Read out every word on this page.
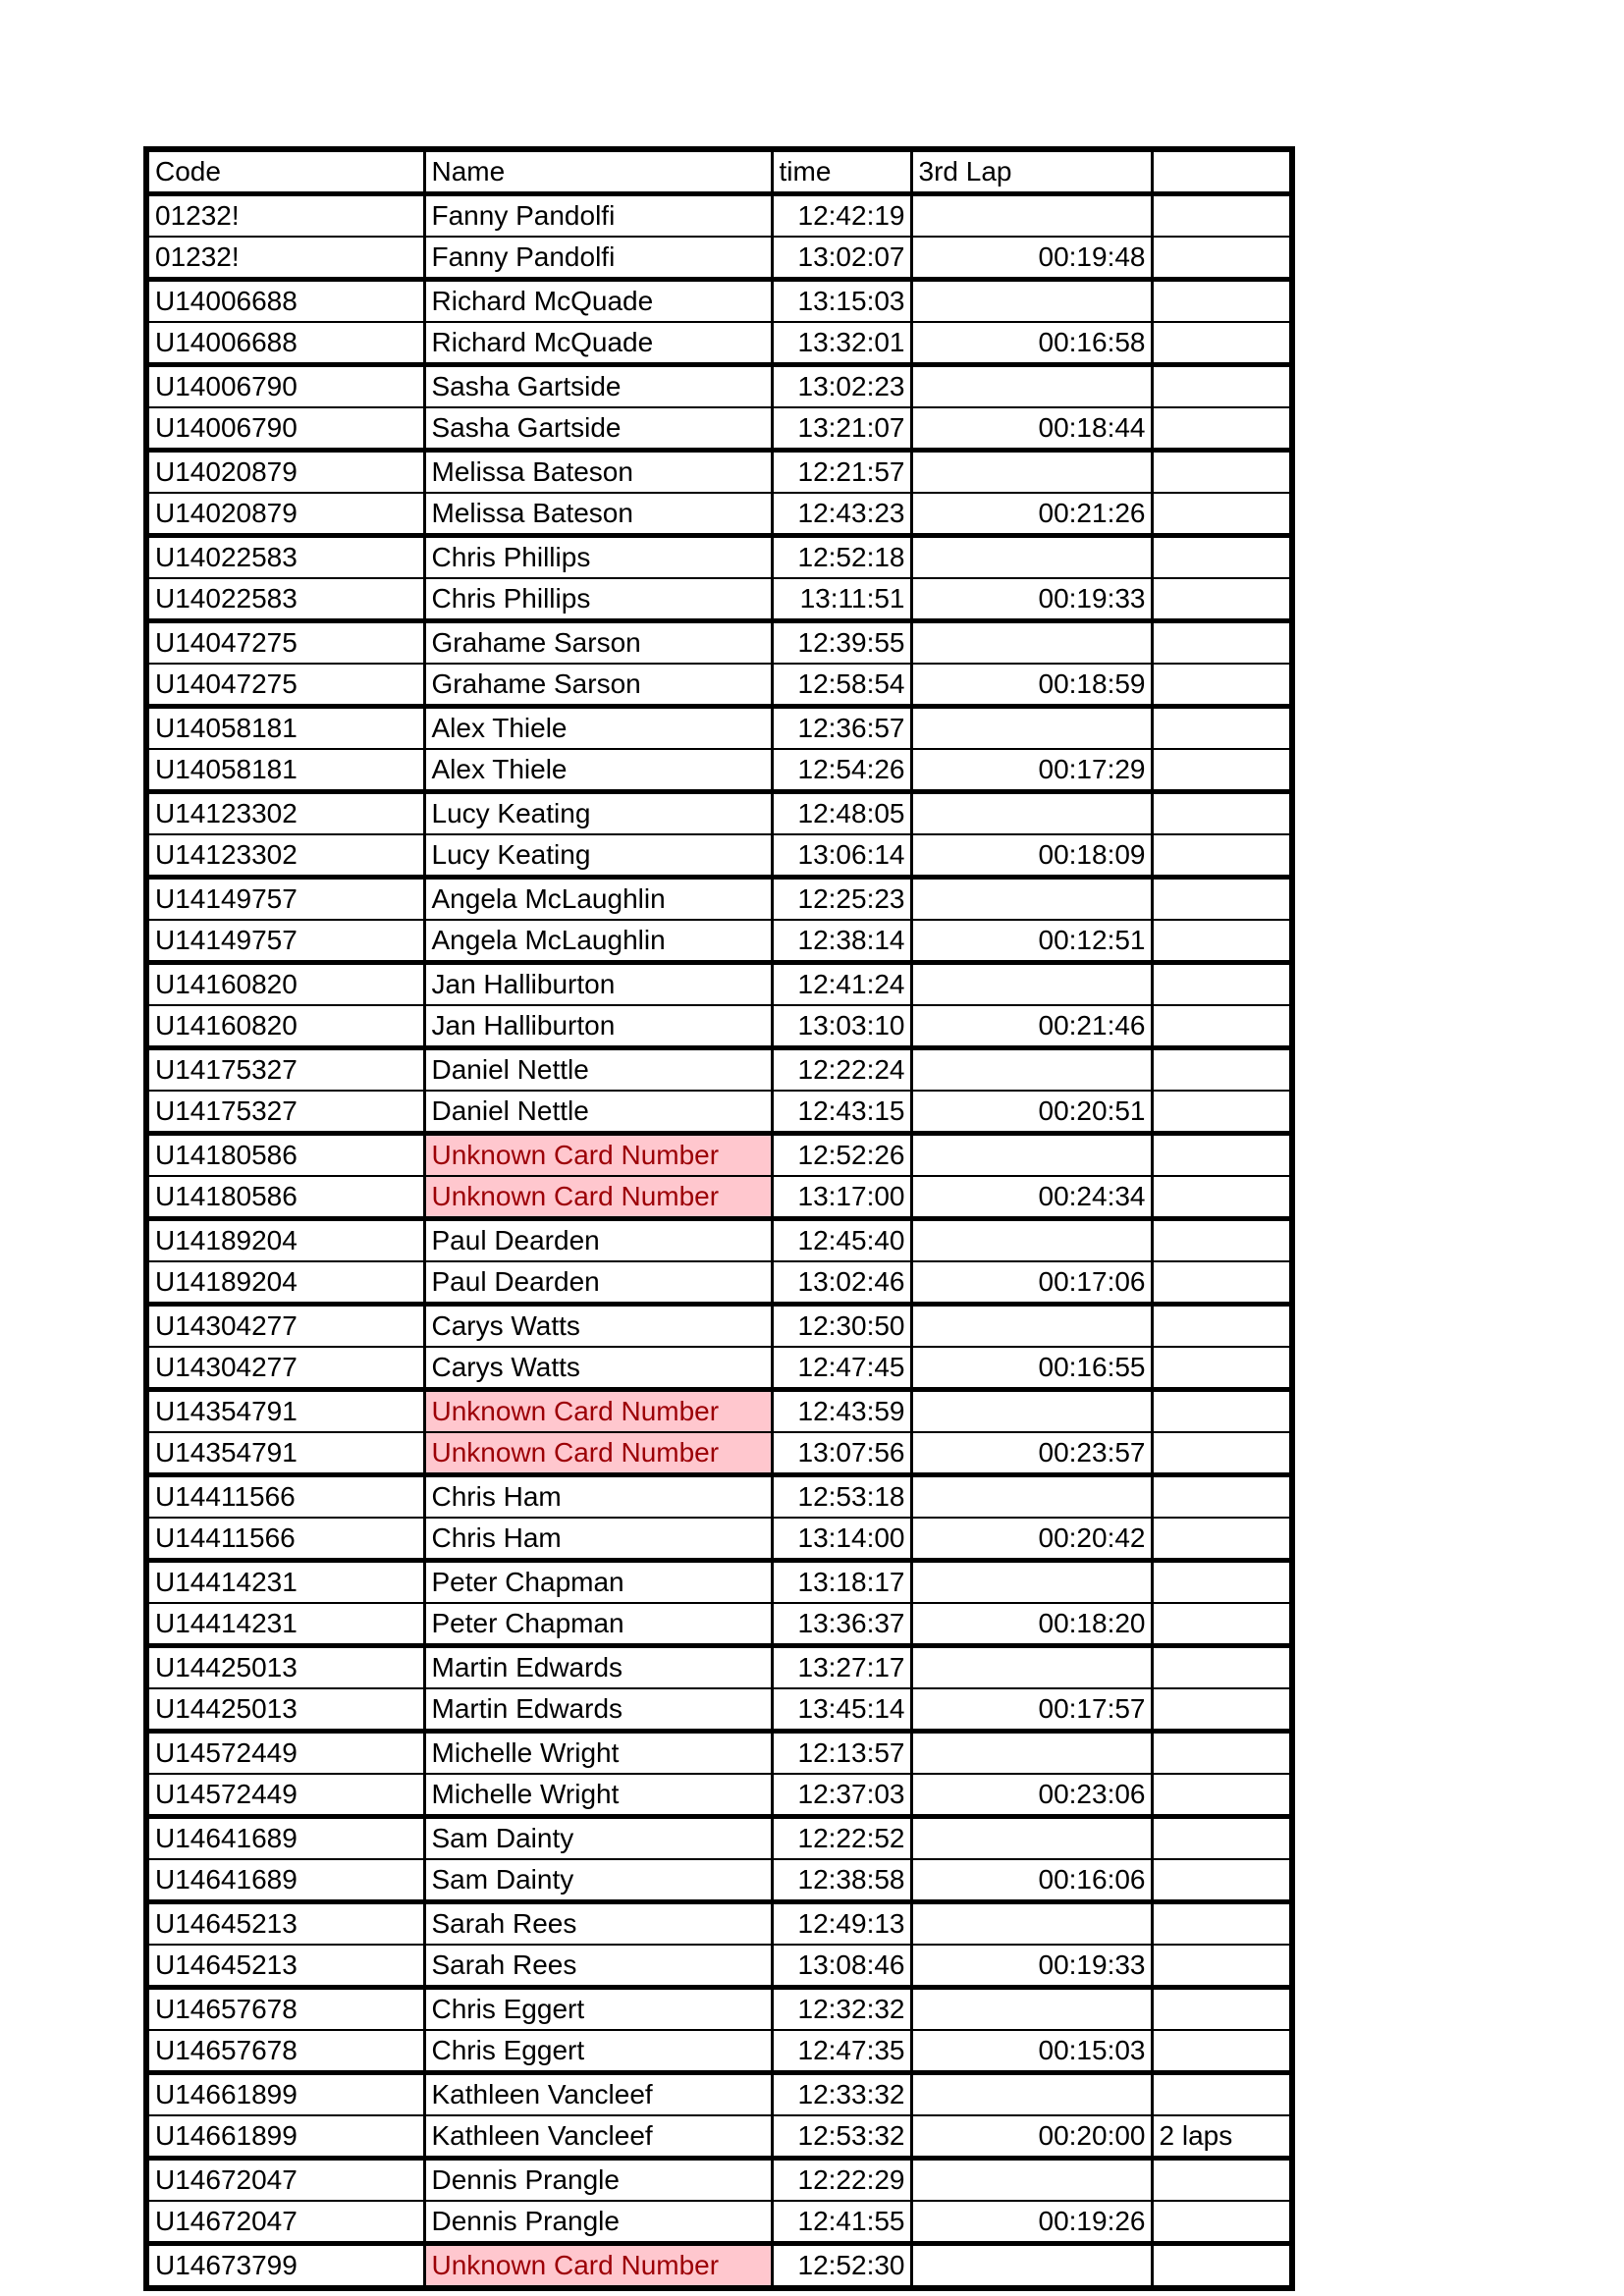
Code	Name	time	3rd Lap	
01232!	Fanny Pandolfi	12:42:19		
01232!	Fanny Pandolfi	13:02:07	00:19:48	
U14006688	Richard McQuade	13:15:03		
U14006688	Richard McQuade	13:32:01	00:16:58	
U14006790	Sasha Gartside	13:02:23		
U14006790	Sasha Gartside	13:21:07	00:18:44	
U14020879	Melissa Bateson	12:21:57		
U14020879	Melissa Bateson	12:43:23	00:21:26	
U14022583	Chris Phillips	12:52:18		
U14022583	Chris Phillips	13:11:51	00:19:33	
U14047275	Grahame Sarson	12:39:55		
U14047275	Grahame Sarson	12:58:54	00:18:59	
U14058181	Alex Thiele	12:36:57		
U14058181	Alex Thiele	12:54:26	00:17:29	
U14123302	Lucy Keating	12:48:05		
U14123302	Lucy Keating	13:06:14	00:18:09	
U14149757	Angela McLaughlin	12:25:23		
U14149757	Angela McLaughlin	12:38:14	00:12:51	
U14160820	Jan Halliburton	12:41:24		
U14160820	Jan Halliburton	13:03:10	00:21:46	
U14175327	Daniel Nettle	12:22:24		
U14175327	Daniel Nettle	12:43:15	00:20:51	
U14180586	Unknown Card Number	12:52:26		
U14180586	Unknown Card Number	13:17:00	00:24:34	
U14189204	Paul Dearden	12:45:40		
U14189204	Paul Dearden	13:02:46	00:17:06	
U14304277	Carys Watts	12:30:50		
U14304277	Carys Watts	12:47:45	00:16:55	
U14354791	Unknown Card Number	12:43:59		
U14354791	Unknown Card Number	13:07:56	00:23:57	
U14411566	Chris Ham	12:53:18		
U14411566	Chris Ham	13:14:00	00:20:42	
U14414231	Peter Chapman	13:18:17		
U14414231	Peter Chapman	13:36:37	00:18:20	
U14425013	Martin Edwards	13:27:17		
U14425013	Martin Edwards	13:45:14	00:17:57	
U14572449	Michelle Wright	12:13:57		
U14572449	Michelle Wright	12:37:03	00:23:06	
U14641689	Sam Dainty	12:22:52		
U14641689	Sam Dainty	12:38:58	00:16:06	
U14645213	Sarah Rees	12:49:13		
U14645213	Sarah Rees	13:08:46	00:19:33	
U14657678	Chris Eggert	12:32:32		
U14657678	Chris Eggert	12:47:35	00:15:03	
U14661899	Kathleen Vancleef	12:33:32		
U14661899	Kathleen Vancleef	12:53:32	00:20:00	2 laps
U14672047	Dennis Prangle	12:22:29		
U14672047	Dennis Prangle	12:41:55	00:19:26	
U14673799	Unknown Card Number	12:52:30		
